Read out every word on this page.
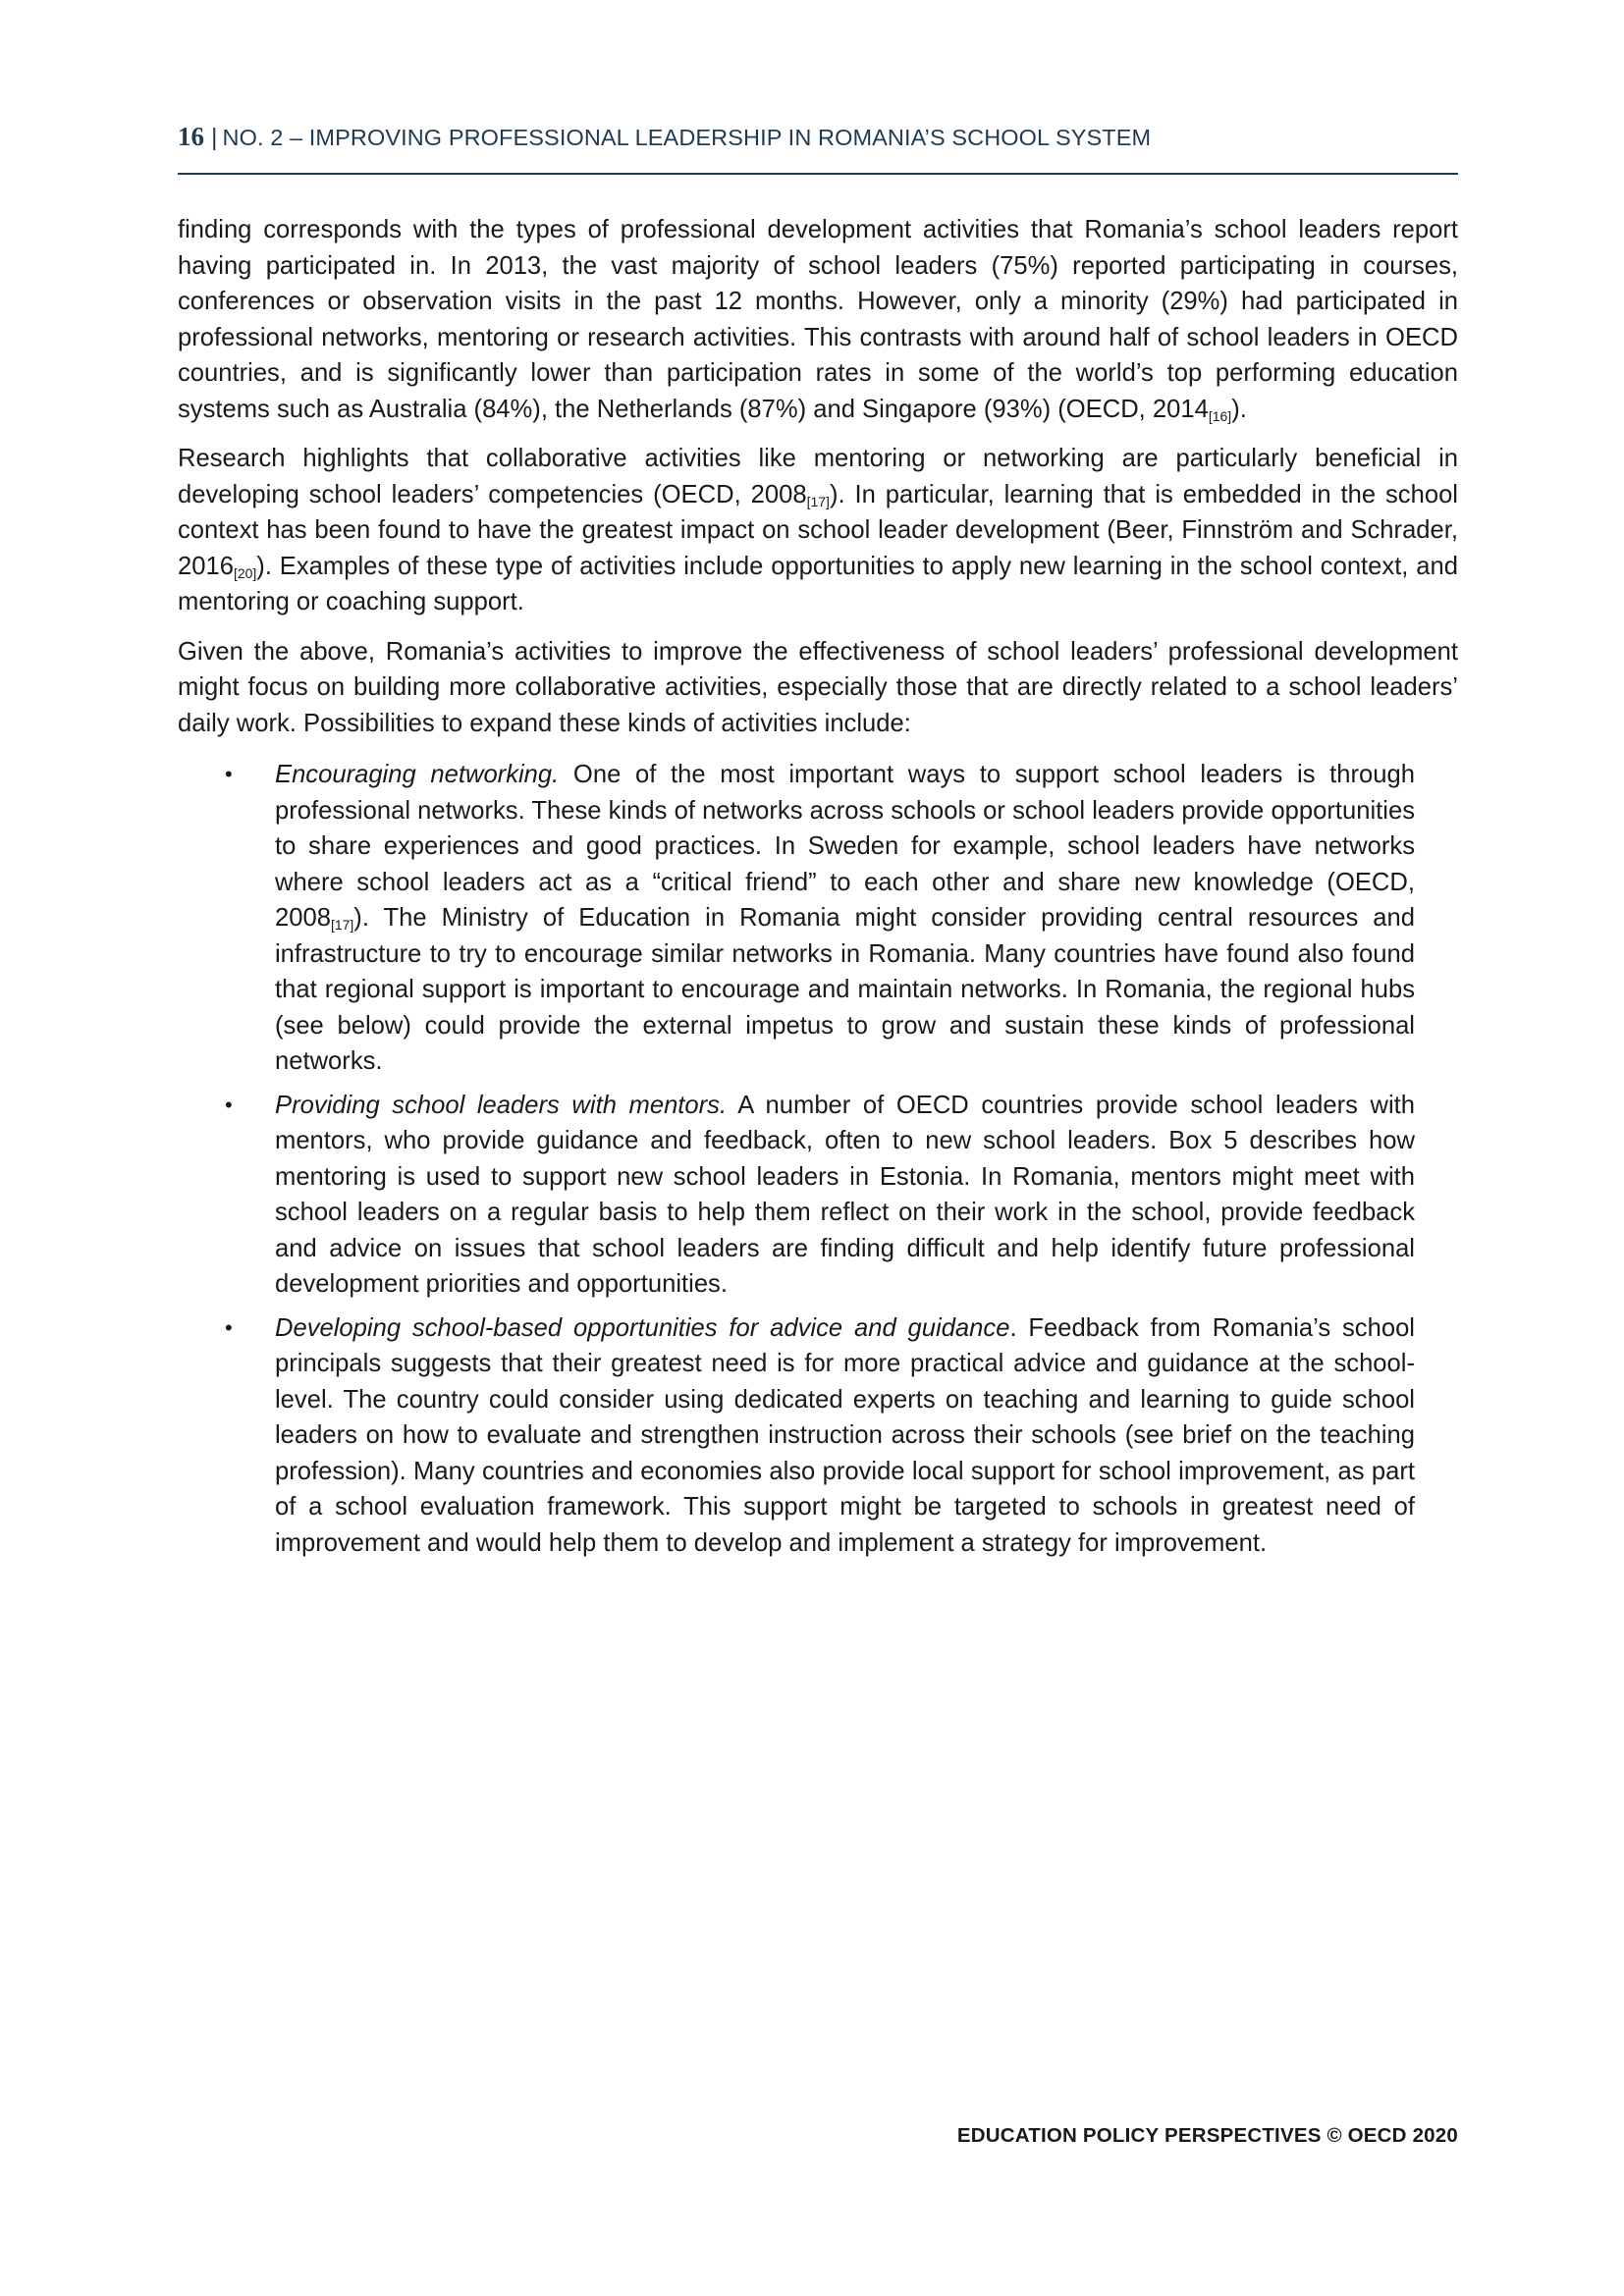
16 | NO. 2 – IMPROVING PROFESSIONAL LEADERSHIP IN ROMANIA’S SCHOOL SYSTEM

finding corresponds with the types of professional development activities that Romania’s school leaders report having participated in. In 2013, the vast majority of school leaders (75%) reported participating in courses, conferences or observation visits in the past 12 months. However, only a minority (29%) had participated in professional networks, mentoring or research activities. This contrasts with around half of school leaders in OECD countries, and is significantly lower than participation rates in some of the world’s top performing education systems such as Australia (84%), the Netherlands (87%) and Singapore (93%) (OECD, $2014_{[16]}$).

Research highlights that collaborative activities like mentoring or networking are particularly beneficial in developing school leaders’ competencies (OECD, $2008_{[17]}$). In particular, learning that is embedded in the school context has been found to have the greatest impact on school leader development (Beer, Finnström and Schrader, $2016_{[20]}$). Examples of these type of activities include opportunities to apply new learning in the school context, and mentoring or coaching support.

Given the above, Romania’s activities to improve the effectiveness of school leaders’ professional development might focus on building more collaborative activities, especially those that are directly related to a school leaders’ daily work. Possibilities to expand these kinds of activities include:

• Encouraging networking. One of the most important ways to support school leaders is through professional networks. These kinds of networks across schools or school leaders provide opportunities to share experiences and good practices. In Sweden for example, school leaders have networks where school leaders act as a “critical friend” to each other and share new knowledge (OECD, $2008_{[17]}$). The Ministry of Education in Romania might consider providing central resources and infrastructure to try to encourage similar networks in Romania. Many countries have found also found that regional support is important to encourage and maintain networks. In Romania, the regional hubs (see below) could provide the external impetus to grow and sustain these kinds of professional networks.
• Providing school leaders with mentors. A number of OECD countries provide school leaders with mentors, who provide guidance and feedback, often to new school leaders. Box 5 describes how mentoring is used to support new school leaders in Estonia. In Romania, mentors might meet with school leaders on a regular basis to help them reflect on their work in the school, provide feedback and advice on issues that school leaders are finding difficult and help identify future professional development priorities and opportunities.
• Developing school-based opportunities for advice and guidance. Feedback from Romania’s school principals suggests that their greatest need is for more practical advice and guidance at the school-level. The country could consider using dedicated experts on teaching and learning to guide school leaders on how to evaluate and strengthen instruction across their schools (see brief on the teaching profession). Many countries and economies also provide local support for school improvement, as part of a school evaluation framework. This support might be targeted to schools in greatest need of improvement and would help them to develop and implement a strategy for improvement.
EDUCATION POLICY PERSPECTIVES © OECD 2020
